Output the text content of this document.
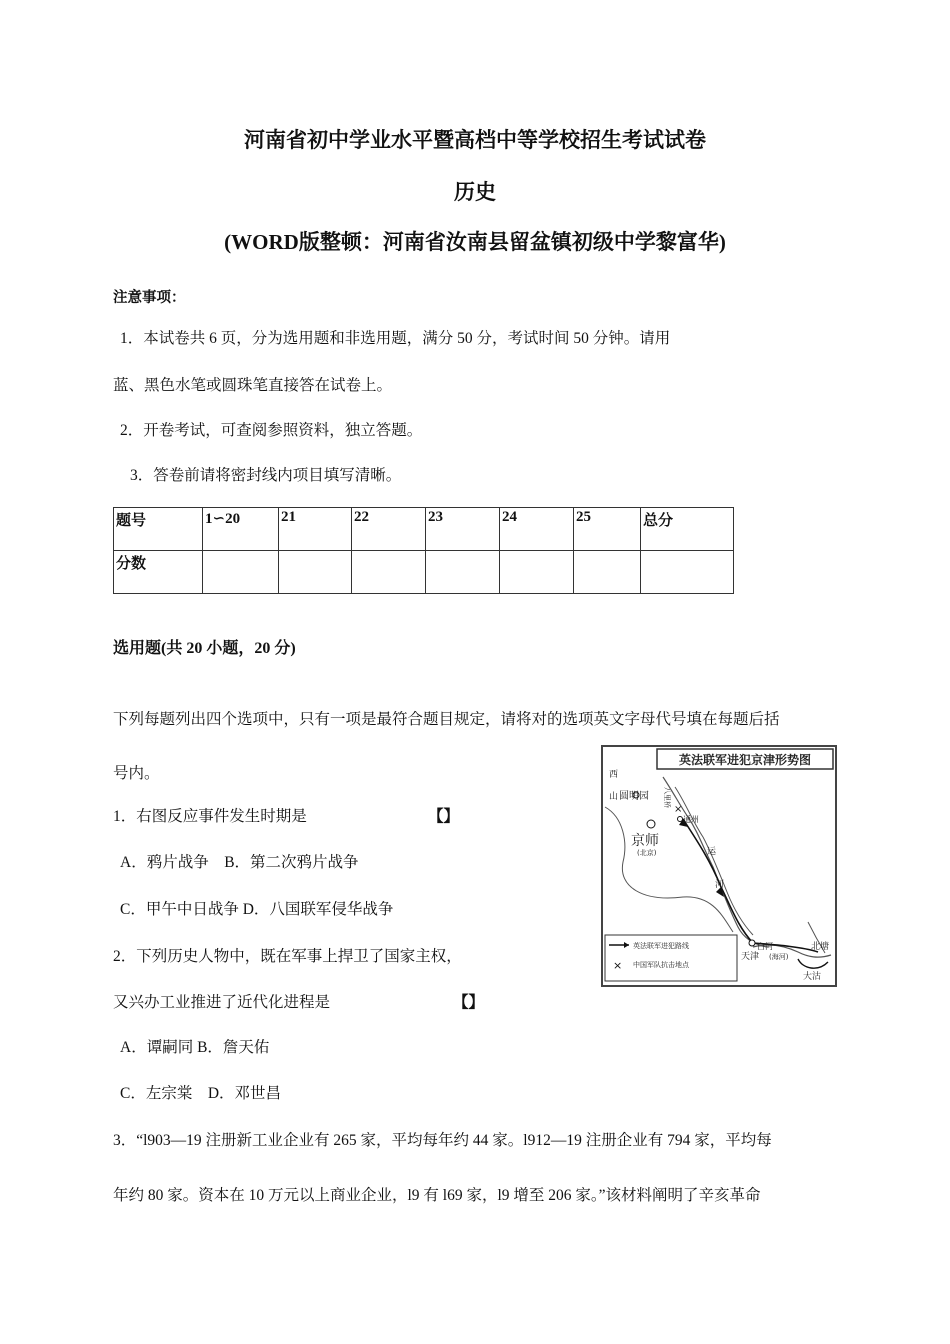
河南省初中学业水平暨高档中等学校招生考试试卷
历史
(WORD版整顿：河南省汝南县留盆镇初级中学黎富华)
注意事项：
1．本试卷共 6 页，分为选用题和非选用题，满分 50 分，考试时间 50 分钟。请用
蓝、黑色水笔或圆珠笔直接答在试卷上。
2．开卷考试，可查阅参照资料，独立答题。
3．答卷前请将密封线内项目填写清晰。
题号	1∽20	21	22	23	24	25	总分
分数							
选用题(共 20 小题，20 分)
下列每题列出四个选项中，只有一项是最符合题目规定，请将对的选项英文字母代号填在每题后括
号内。
1．右图反应事件发生时期是	【】
A．鸦片战争　B．第二次鸦片战争
C．甲午中日战争 D．八国联军侵华战争
2．下列历史人物中，既在军事上捍卫了国家主权，
又兴办工业推进了近代化进程是	【】
A．谭嗣同 B．詹天佑
C．左宗棠　D．邓世昌
3．“l903—19 注册新工业企业有 265 家，平均每年约 44 家。l912—19 注册企业有 794 家，平均每
年约 80 家。资本在 10 万元以上商业企业，l9 有 l69 家，l9 增至 206 家。”该材料阐明了辛亥革命
英法联军进犯京津形势图
×
西
山 圆明园 八里桥
通州
京师
(北京)	运
河
白河
(海河)
天津
北塘
大沽
英法联军进犯路线
× 中国军队抗击地点
